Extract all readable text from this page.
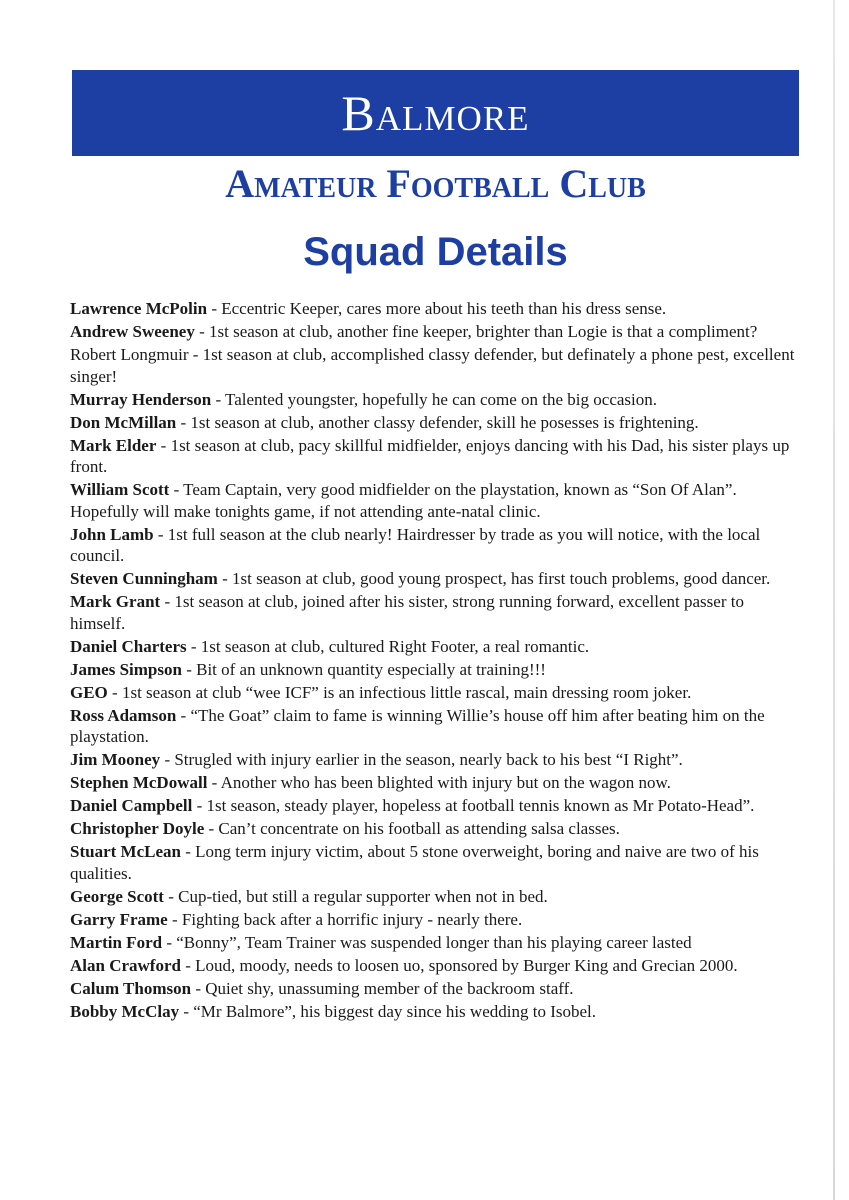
Balmore
Amateur Football Club
Squad Details
Lawrence McPolin - Eccentric Keeper, cares more about his teeth than his dress sense.
Andrew Sweeney - 1st season at club, another fine keeper, brighter than Logie is that a compliment?
Robert Longmuir - 1st season at club, accomplished classy defender, but definately a phone pest, excellent singer!
Murray Henderson - Talented youngster, hopefully he can come on the big occasion.
Don McMillan - 1st season at club, another classy defender, skill he posesses is frightening.
Mark Elder - 1st season at club, pacy skillful midfielder, enjoys dancing with his Dad, his sister plays up front.
William Scott - Team Captain, very good midfielder on the playstation, known as “Son Of Alan”. Hopefully will make tonights game, if not attending ante-natal clinic.
John Lamb - 1st full season at the club nearly! Hairdresser by trade as you will notice, with the local council.
Steven Cunningham - 1st season at club, good young prospect, has first touch problems, good dancer.
Mark Grant - 1st season at club, joined after his sister, strong running forward, excellent passer to himself.
Daniel Charters - 1st season at club, cultured Right Footer, a real romantic.
James Simpson - Bit of an unknown quantity especially at training!!!
GEO - 1st season at club “wee ICF” is an infectious little rascal, main dressing room joker.
Ross Adamson - “The Goat” claim to fame is winning Willie’s house off him after beating him on the playstation.
Jim Mooney - Strugled with injury earlier in the season, nearly back to his best “I Right”.
Stephen McDowall - Another who has been blighted with injury but on the wagon now.
Daniel Campbell - 1st season, steady player, hopeless at football tennis known as Mr Potato-Head”.
Christopher Doyle - Can’t concentrate on his football as attending salsa classes.
Stuart McLean - Long term injury victim, about 5 stone overweight, boring and naive are two of his qualities.
George Scott - Cup-tied, but still a regular supporter when not in bed.
Garry Frame - Fighting back after a horrific injury - nearly there.
Martin Ford - “Bonny”, Team Trainer was suspended longer than his playing career lasted
Alan Crawford - Loud, moody, needs to loosen uo, sponsored by Burger King and Grecian 2000.
Calum Thomson - Quiet shy, unassuming member of the backroom staff.
Bobby McClay - “Mr Balmore”, his biggest day since his wedding to Isobel.
